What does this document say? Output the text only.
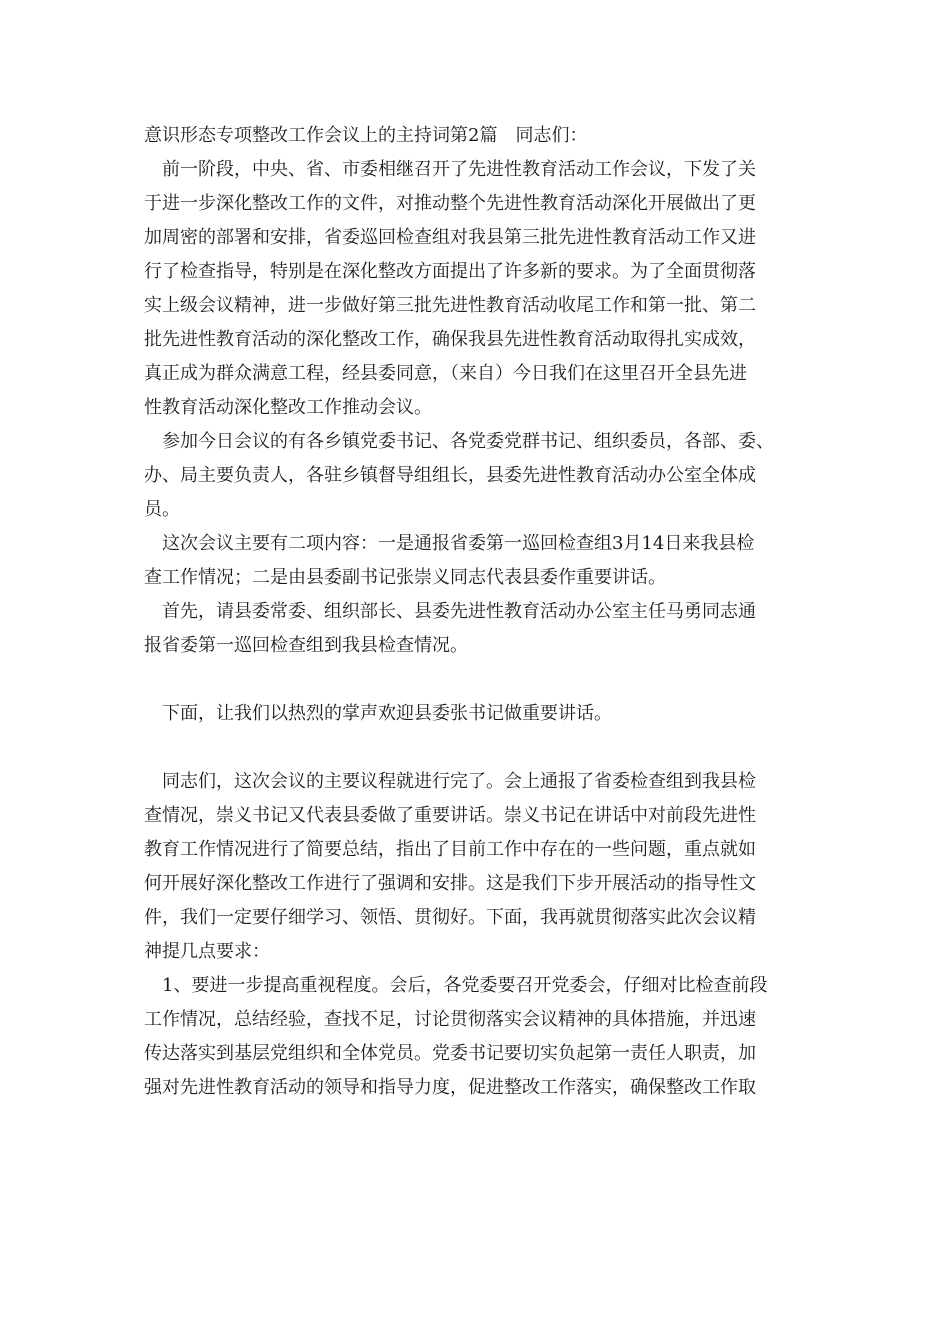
意识形态专项整改工作会议上的主持词第2篇 同志们：
　前一阶段，中央、省、市委相继召开了先进性教育活动工作会议，下发了关
于进一步深化整改工作的文件，对推动整个先进性教育活动深化开展做出了更
加周密的部署和安排，省委巡回检查组对我县第三批先进性教育活动工作又进
行了检查指导，特别是在深化整改方面提出了许多新的要求。为了全面贯彻落
实上级会议精神，进一步做好第三批先进性教育活动收尾工作和第一批、第二
批先进性教育活动的深化整改工作，确保我县先进性教育活动取得扎实成效，
真正成为群众满意工程，经县委同意，（来自）今日我们在这里召开全县先进
性教育活动深化整改工作推动会议。
　参加今日会议的有各乡镇党委书记、各党委党群书记、组织委员，各部、委、
办、局主要负责人，各驻乡镇督导组组长，县委先进性教育活动办公室全体成
员。
　这次会议主要有二项内容：一是通报省委第一巡回检查组3月14日来我县检
查工作情况；二是由县委副书记张崇义同志代表县委作重要讲话。
　首先，请县委常委、组织部长、县委先进性教育活动办公室主任马勇同志通
报省委第一巡回检查组到我县检查情况。
　下面，让我们以热烈的掌声欢迎县委张书记做重要讲话。
　同志们，这次会议的主要议程就进行完了。会上通报了省委检查组到我县检
查情况，崇义书记又代表县委做了重要讲话。崇义书记在讲话中对前段先进性
教育工作情况进行了简要总结，指出了目前工作中存在的一些问题，重点就如
何开展好深化整改工作进行了强调和安排。这是我们下步开展活动的指导性文
件，我们一定要仔细学习、领悟、贯彻好。下面，我再就贯彻落实此次会议精
神提几点要求：
　1、要进一步提高重视程度。会后，各党委要召开党委会，仔细对比检查前段
工作情况，总结经验，查找不足，讨论贯彻落实会议精神的具体措施，并迅速
传达落实到基层党组织和全体党员。党委书记要切实负起第一责任人职责，加
强对先进性教育活动的领导和指导力度，促进整改工作落实，确保整改工作取
